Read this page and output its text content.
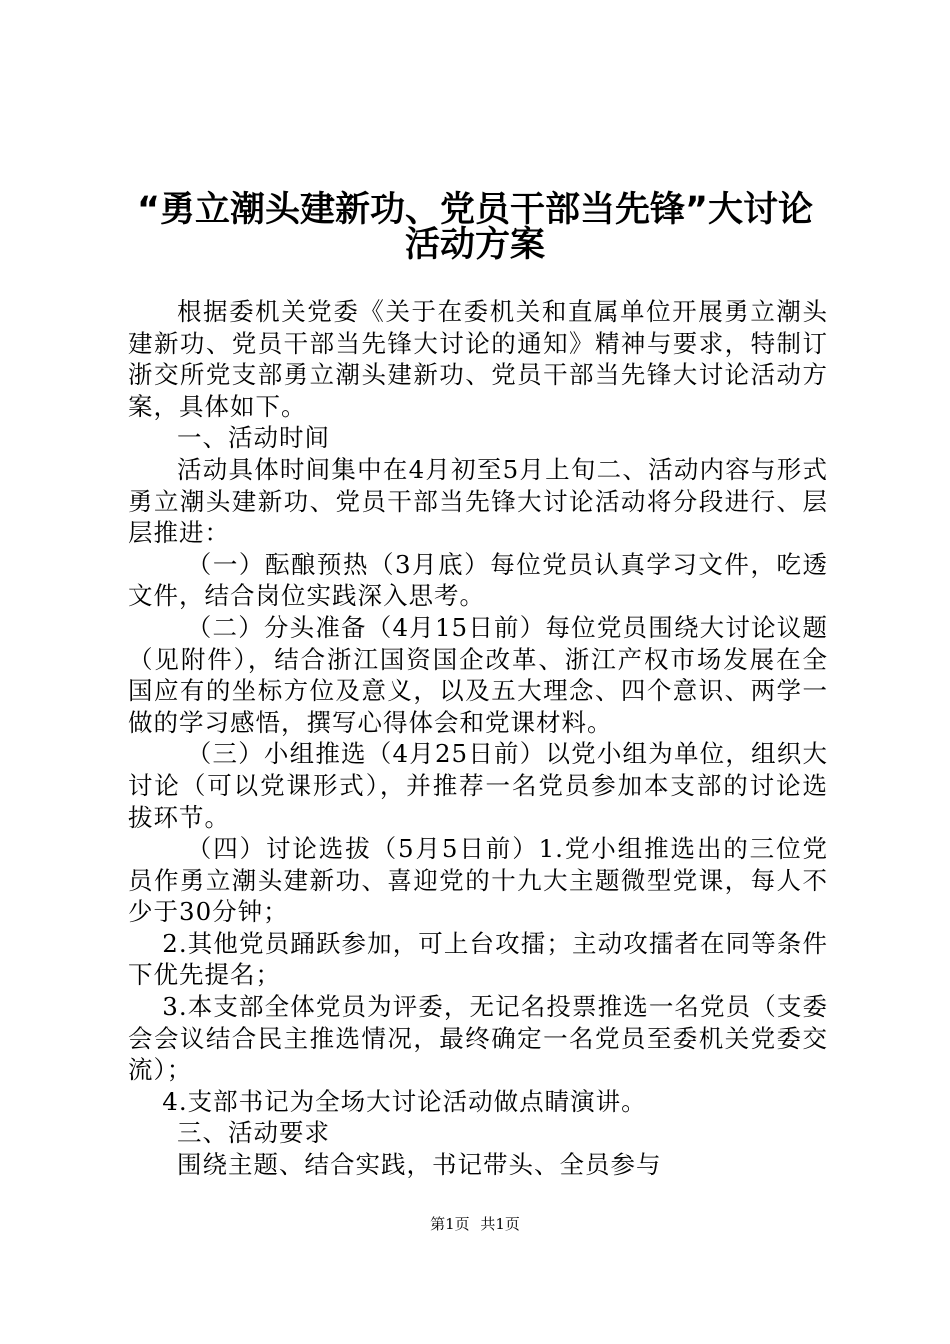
“勇立潮头建新功、党员干部当先锋”大讨论
活动方案

根据委机关党委《关于在委机关和直属单位开展勇立潮头建新功、党员干部当先锋大讨论的通知》精神与要求，特制订浙交所党支部勇立潮头建新功、党员干部当先锋大讨论活动方案，具体如下。

一、活动时间

活动具体时间集中在4月初至5月上旬二、活动内容与形式勇立潮头建新功、党员干部当先锋大讨论活动将分段进行、层层推进：

（一）酝酿预热（3月底）每位党员认真学习文件，吃透文件，结合岗位实践深入思考。

（二）分头准备（4月15日前）每位党员围绕大讨论议题（见附件），结合浙江国资国企改革、浙江产权市场发展在全国应有的坐标方位及意义，以及五大理念、四个意识、两学一做的学习感悟，撰写心得体会和党课材料。

（三）小组推选（4月25日前）以党小组为单位，组织大讨论（可以党课形式），并推荐一名党员参加本支部的讨论选拔环节。

（四）讨论选拔（5月5日前）1.党小组推选出的三位党员作勇立潮头建新功、喜迎党的十九大主题微型党课，每人不少于30分钟；

2.其他党员踊跃参加，可上台攻擂；主动攻擂者在同等条件下优先提名；

3.本支部全体党员为评委，无记名投票推选一名党员（支委会会议结合民主推选情况，最终确定一名党员至委机关党委交流）；

4.支部书记为全场大讨论活动做点睛演讲。

三、活动要求

围绕主题、结合实践，书记带头、全员参与

第1页 共1页
